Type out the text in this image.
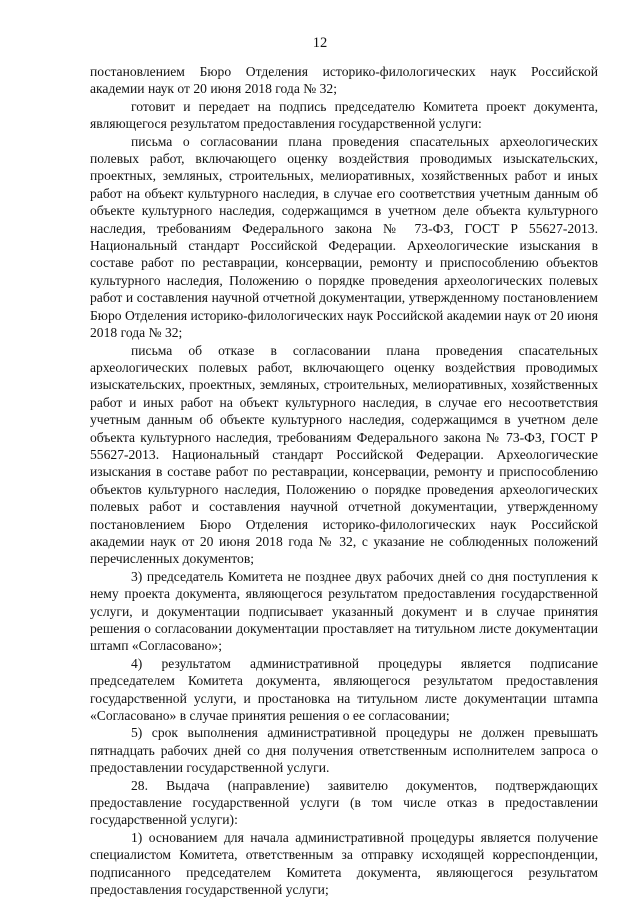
12

постановлением Бюро Отделения историко-филологических наук Российской академии наук от 20 июня 2018 года № 32;

готовит и передает на подпись председателю Комитета проект документа, являющегося результатом предоставления государственной услуги:

письма о согласовании плана проведения спасательных археологических полевых работ, включающего оценку воздействия проводимых изыскательских, проектных, земляных, строительных, мелиоративных, хозяйственных работ и иных работ на объект культурного наследия, в случае его соответствия учетным данным об объекте культурного наследия, содержащимся в учетном деле объекта культурного наследия, требованиям Федерального закона № 73-ФЗ, ГОСТ Р 55627-2013. Национальный стандарт Российской Федерации. Археологические изыскания в составе работ по реставрации, консервации, ремонту и приспособлению объектов культурного наследия, Положению о порядке проведения археологических полевых работ и составления научной отчетной документации, утвержденному постановлением Бюро Отделения историко-филологических наук Российской академии наук от 20 июня 2018 года № 32;

письма об отказе в согласовании плана проведения спасательных археологических полевых работ, включающего оценку воздействия проводимых изыскательских, проектных, земляных, строительных, мелиоративных, хозяйственных работ и иных работ на объект культурного наследия, в случае его несоответствия учетным данным об объекте культурного наследия, содержащимся в учетном деле объекта культурного наследия, требованиям Федерального закона № 73-ФЗ, ГОСТ Р 55627-2013. Национальный стандарт Российской Федерации. Археологические изыскания в составе работ по реставрации, консервации, ремонту и приспособлению объектов культурного наследия, Положению о порядке проведения археологических полевых работ и составления научной отчетной документации, утвержденному постановлением Бюро Отделения историко-филологических наук Российской академии наук от 20 июня 2018 года № 32, с указание не соблюденных положений перечисленных документов;

3) председатель Комитета не позднее двух рабочих дней со дня поступления к нему проекта документа, являющегося результатом предоставления государственной услуги, и документации подписывает указанный документ и в случае принятия решения о согласовании документации проставляет на титульном листе документации штамп «Согласовано»;

4) результатом административной процедуры является подписание председателем Комитета документа, являющегося результатом предоставления государственной услуги, и простановка на титульном листе документации штампа «Согласовано» в случае принятия решения о ее согласовании;

5) срок выполнения административной процедуры не должен превышать пятнадцать рабочих дней со дня получения ответственным исполнителем запроса о предоставлении государственной услуги.

28. Выдача (направление) заявителю документов, подтверждающих предоставление государственной услуги (в том числе отказ в предоставлении государственной услуги):

1) основанием для начала административной процедуры является получение специалистом Комитета, ответственным за отправку исходящей корреспонденции, подписанного председателем Комитета документа, являющегося результатом предоставления государственной услуги;
